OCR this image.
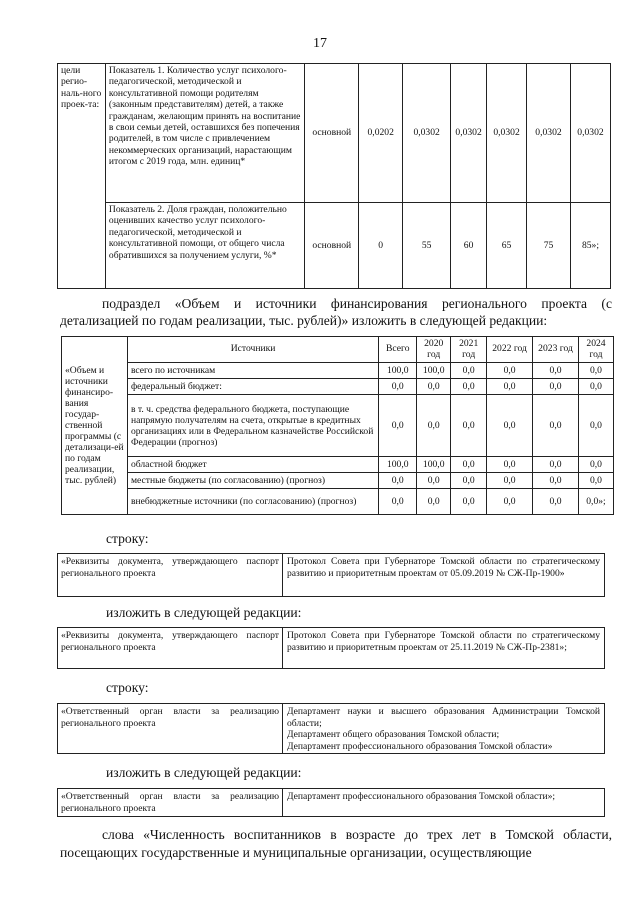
17
цели регио-наль-ного проек-та:	Показатель 1. Количество услуг психолого-педагогической, методической и консультативной помощи родителям (законным представителям) детей, а также гражданам, желающим принять на воспитание в свои семьи детей, оставшихся без попечения родителей, в том числе с привлечением некоммерческих организаций, нарастающим итогом с 2019 года, млн. единиц*	основной	0,0202	0,0302	0,0302	0,0302	0,0302	0,0302
	Показатель 2. Доля граждан, положительно оценивших качество услуг психолого-педагогической, методической и консультативной помощи, от общего числа обратившихся за получением услуги, %*	основной	0	55	60	65	75	85»;
подраздел «Объем и источники финансирования регионального проекта (с детализацией по годам реализации, тыс. рублей)» изложить в следующей редакции:
«Объем и источники финансиро-вания государ-ственной программы (с детализаци-ей по годам реализации, тыс. рублей)	Источники	Всего	2020 год	2021 год	2022 год	2023 год	2024 год
	всего по источникам	100,0	100,0	0,0	0,0	0,0	0,0
	федеральный бюджет:	0,0	0,0	0,0	0,0	0,0	0,0
	в т. ч. средства федерального бюджета, поступающие напрямую получателям на счета, открытые в кредитных организациях или в Федеральном казначействе Российской Федерации (прогноз)	0,0	0,0	0,0	0,0	0,0	0,0
	областной бюджет	100,0	100,0	0,0	0,0	0,0	0,0
	местные бюджеты (по согласованию) (прогноз)	0,0	0,0	0,0	0,0	0,0	0,0
	внебюджетные источники (по согласованию) (прогноз)	0,0	0,0	0,0	0,0	0,0	0,0»;
строку:
«Реквизиты документа, утверждающего паспорт регионального проекта
Протокол Совета при Губернаторе Томской области по стратегическому развитию и приоритетным проектам от 05.09.2019 № СЖ-Пр-1900»
изложить в следующей редакции:
«Реквизиты документа, утверждающего паспорт регионального проекта
Протокол Совета при Губернаторе Томской области по стратегическому развитию и приоритетным проектам от 25.11.2019 № СЖ-Пр-2381»;
строку:
«Ответственный орган власти за реализацию регионального проекта
Департамент науки и высшего образования Администрации Томской области;
Департамент общего образования Томской области;
Департамент профессионального образования Томской области»
изложить в следующей редакции:
«Ответственный орган власти за реализацию регионального проекта
Департамент профессионального образования Томской области»;
слова «Численность воспитанников в возрасте до трех лет в Томской области, посещающих государственные и муниципальные организации, осуществляющие
